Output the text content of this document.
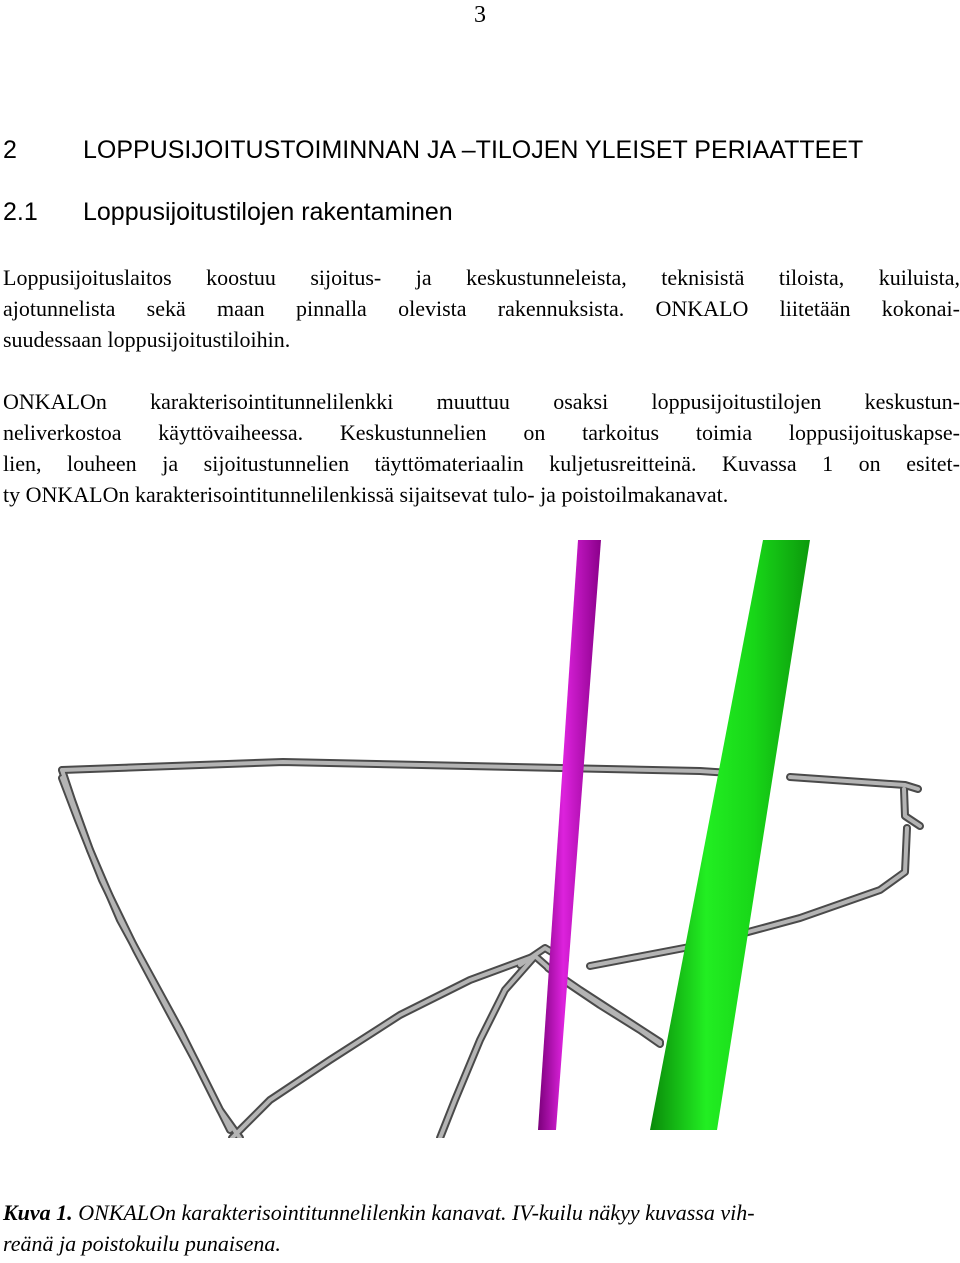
3
2	LOPPUSIJOITUSTOIMINNAN JA –TILOJEN YLEISET PERIAATTEET
2.1 Loppusijoitustilojen rakentaminen
Loppusijoituslaitos koostuu sijoitus- ja keskustunneleista, teknisistä tiloista, kuiluista,
ajotunnelista sekä maan pinnalla olevista rakennuksista. ONKALO liitetään kokonai-
suudessaan loppusijoitustiloihin.
ONKALOn karakterisointitunnelilenkki muuttuu osaksi loppusijoitustilojen keskustun-
neliverkostoa käyttövaiheessa. Keskustunnelien on tarkoitus toimia loppusijoituskapse-
lien, louheen ja sijoitustunnelien täyttömateriaalin kuljetusreitteinä. Kuvassa 1 on esitet-
ty ONKALOn karakterisointitunnelilenkissä sijaitsevat tulo- ja poistoilmakanavat.
Kuva 1. ONKALOn karakterisointitunnelilenkin kanavat. IV-kuilu näkyy kuvassa vih-
reänä ja poistokuilu punaisena.
